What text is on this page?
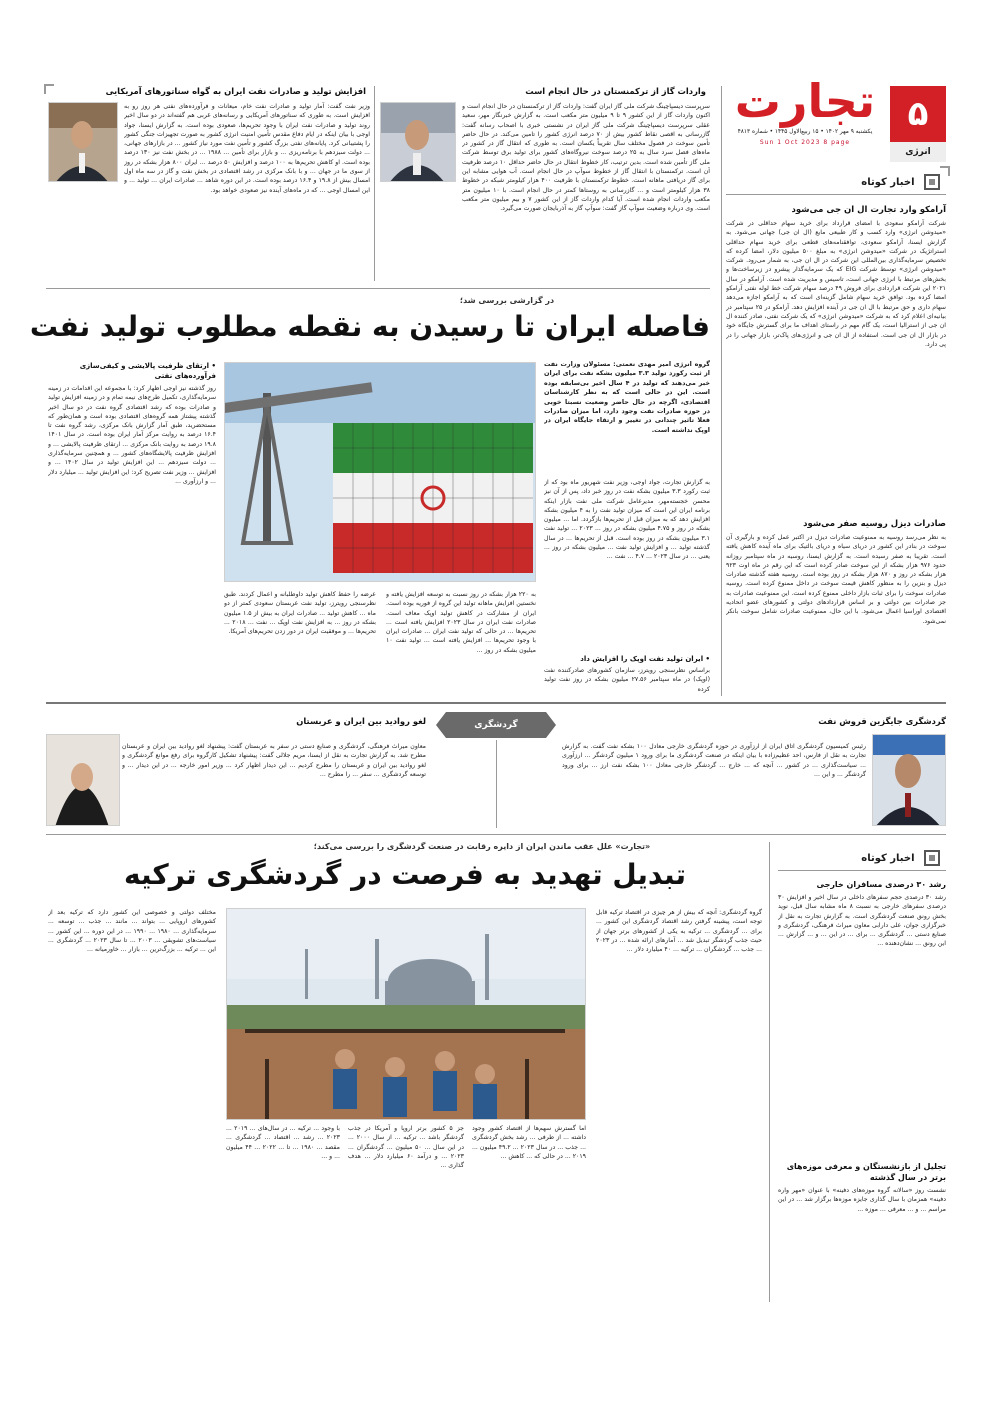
۵
انرژی
تجارت
یکشنبه ۹ مهر ۱۴۰۲ • ۱۵ ربیع‌الاول ۱۴۴۵ • شماره ۴۸۱۳
Sun 1 Oct 2023 8 page
اخبار کوتاه
آرامکو وارد تجارت ال ان جی می‌شود
شرکت آرامکو سعودی با امضای قرارداد برای خرید سهام حداقلی در شرکت «میدوشن انرژی» وارد کسب و کار طبیعی مایع (ال ان جی) جهانی می‌شود. به گزارش ایسنا، آرامکو سعودی، توافقنامه‌های قطعی برای خرید سهام حداقلی استراتژیک در شرکت «میدوشن انرژی» به مبلغ ۵۰۰ میلیون دلار، امضا کرده که تخصیص سرمایه‌گذاری بین‌المللی این شرکت در ال ان جی، به شمار می‌رود. شرکت «میدوشن انرژی» توسط شرکت EIG که یک سرمایه‌گذار پیشرو در زیرساخت‌ها و بخش‌های مرتبط با انرژی جهانی است، تاسیس و مدیریت شده است. آرامکو در سال ۲۰۲۱ این شرکت قراردادی برای فروش ۴۹ درصد سهام شرکت خط لوله نفتی آرامکو امضا کرده بود. توافق خرید سهام شامل گزینه‌ای است که به آرامکو اجازه می‌دهد سهام داری و حق مرتبط با ال ان جی در آینده افزایش دهد. آرامکو در ۲۵ سپتامبر در بیانیه‌ای اعلام کرد که به شرکت «میدوشن انرژی» که یک شرکت نفتی، صادر کننده ال ان جی از استرالیا است، یک گام مهم در راستای اهداف ما برای گسترش جایگاه خود در بازار ال ان جی است. استفاده از ال ان جی و انرژی‌های پاک‌تر، بازار جهانی را در پی دارد.
صادرات دیزل روسیه صفر می‌شود
به نظر می‌رسد روسیه به ممنوعیت صادرات دیزل در اکتبر عمل کرده و بارگیری آن سوخت در بنادر این کشور در دریای سیاه و دریای بالتیک برای ماه آینده کاهش یافته است. تقریبا به صفر رسیده است. به گزارش ایسنا، روسیه در ماه سپتامبر روزانه حدود ۹۷۶ هزار بشکه از این سوخت صادر کرده است که این رقم در ماه اوت ۹۲۳ هزار بشکه در روز و ۸۷۰ هزار بشکه در روز بوده است. روسیه هفته گذشته صادرات دیزل و بنزین را به منظور کاهش قیمت سوخت در داخل ممنوع کرده است. روسیه صادرات سوخت را برای ثبات بازار داخلی ممنوع کرده است. این ممنوعیت صادرات به جز صادرات بین دولتی و بر اساس قراردادهای دولتی و کشورهای عضو اتحادیه اقتصادی اوراسیا اعمال می‌شود. با این حال، ممنوعیت صادرات شامل سوخت بانکر نمی‌شود.
واردات گاز از ترکمنستان در حال انجام است
سرپرست دیسپاچینگ شرکت ملی گاز ایران گفت: واردات گاز از ترکمنستان در حال انجام است و اکنون واردات گاز از این کشور ۹ تا ۹ میلیون متر مکعب است. به گزارش خبرنگار مهر، سعید عقلی سرپرست دیسپاچینگ شرکت ملی گاز ایران در نشستی خبری با اصحاب رسانه گفت: گازرسانی به اقصی نقاط کشور بیش از ۷۰ درصد انرژی کشور را تامین می‌کند. در حال حاضر تأمین سوخت در فصول مختلف سال تقریباً یکسان است. به طوری که انتقال گاز در کشور در ماه‌های فصل سرد سال به ۲۵ درصد سوخت نیروگاه‌های کشور برای تولید برق توسط شرکت ملی گاز تأمین شده است. بدین ترتیب، کار خطوط انتقال در حال حاضر حداقل ۱۰ درصد ظرفیت آن است. ترکمنستان با انتقال گاز از خطوط سوآپ در حال انجام است. آب هوایی مشابه این برای گاز دریافتی ماهانه است. خطوط ترکمنستان با ظرفیت ۴۰۰ هزار کیلومتر شبکه در خطوط ۳۸ هزار کیلومتر است و ... گازرسانی به روستاها کمتر در حال انجام است. با ۱۰ میلیون متر مکعب واردات انجام شده است. آیا کدام واردات گاز از این کشور ۷ و بیم میلیون متر مکعب است. وی درباره وضعیت سوآپ گاز گفت: سوآپ گاز به آذربایجان صورت می‌گیرد.
افزایش تولید و صادرات نفت ایران به گواه سناتورهای آمریکایی
وزیر نفت گفت: آمار تولید و صادرات نفت خام، میعانات و فرآورده‌های نفتی هر روز رو به افزایش است. به طوری که سناتورهای آمریکایی و رسانه‌های غربی هم گفته‌اند در دو سال اخیر روند تولید و صادرات نفت ایران با وجود تحریم‌ها، صعودی بوده است. به گزارش ایسنا، جواد اوجی با بیان اینکه در ایام دفاع مقدس تأمین امنیت انرژی کشور به صورت تجهیزات جنگی کشور را پشتیبانی کرد. پایانه‌های نفتی بزرگ کشور و تأمین نفت مورد نیاز کشور ... در بازارهای جهانی، ... دولت سیزدهم با برنامه‌ریزی ... و بازار برای تأمین ... ۱۹۸۸ ... در بخش نفت نیز ۱۳۰ درصد بوده است. او کاهش تحریم‌ها به ۱۰۰ درصد و افزایش ۵۰ درصد ... ایران ۸۰۰ هزار بشکه در روز از سوی ما در جهان ... و با بانک مرکزی در رشد اقتصادی در بخش نفت و گاز در سه ماه اول امسال بیش از ۱۹.۸ و ۱۶.۴ درصد بوده است. در این دوره شاهد ... صادرات ایران ... تولید ... و این امسال اوجی ... که در ماه‌های آینده نیز صعودی خواهد بود.
در گزارشی بررسی شد؛
فاصله ایران تا رسیدن به نقطه مطلوب تولید نفت
گروه انرژی امیر مهدی نعمتی: مسئولان وزارت نفت از ثبت رکورد تولید ۳.۳ میلیون بشکه نفت برای ایران خبر می‌دهند که تولید در ۴ سال اخیر بی‌سابقه بوده است. این در حالی است که به نظر کارشناسان اقتصادی، اگرچه در حال حاضر وضعیت نسبتا خوبی در حوزه صادرات نفت وجود دارد، اما میزان صادرات فعلا تاثیر چندانی در تغییر و ارتقاء جایگاه ایران در اوپک نداشته است.
به گزارش تجارت، جواد اوجی، وزیر نفت شهریور ماه بود که از ثبت رکورد ۳.۳ میلیون بشکه نفت در روز خبر داد، پس از آن نیز محسن خجسته‌مهر، مدیرعامل شرکت ملی نفت بازار اینکه برنامه ایران این است که میزان تولید نفت را به ۴ میلیون بشکه افزایش دهد که به میزان قبل از تحریم‌ها بازگردد. اما ... میلیون بشکه در روز و ۴.۷۵ میلیون بشکه در روز ... ۲۰۲۳ ... تولید نفت ۳.۱ میلیون بشکه در روز بوده است. قبل از تحریم‌ها ... در سال گذشته تولید ... و افزایش تولید نفت ... میلیون بشکه در روز ... یعنی ... در سال ۲۰۲۳ ... ۴.۷ ... نفت ...
• ایران تولید نفت اوپک را افزایش داد
براساس نظرسنجی رویترز، سازمان کشورهای صادرکننده نفت (اوپک) در ماه سپتامبر ۲۷.۵۶ میلیون بشکه در روز نفت تولید کرده
به ۲۲۰ هزار بشکه در روز نسبت به توسعه افزایش یافته و نخستین افزایش ماهانه تولید این گروه از فوریه بوده است. ایران از مشارکت در کاهش تولید اوپک معاف است. صادرات نفت ایران در سال ۲۰۲۳ افزایش یافته است ... تحریم‌ها ... در حالی که تولید نفت ایران ... صادرات ایران با وجود تحریم‌ها ... افزایش یافته است ... تولید نفت ۱۰ میلیون بشکه در روز ...
عرضه را حفظ کاهش تولید داوطلبانه و اعمال کردند. طبق نظرسنجی رویترز، تولید نفت عربستان سعودی کمتر از دو ماه ... کاهش تولید ... صادرات ایران به بیش از ۱.۵ میلیون بشکه در روز ... به افزایش نفت اوپک ... نفت ... ۲۰۱۸ ... تحریم‌ها ... و موفقیت ایران در دور زدن تحریم‌های آمریکا.
• ارتقای ظرفیت پالایشی و کیفی‌سازی فرآورده‌های نفتی
روز گذشته نیز اوجی اظهار کرد: با مجموعه این اقدامات در زمینه سرمایه‌گذاری، تکمیل طرح‌های نیمه تمام و در زمینه افزایش تولید و صادرات بوده که رشد اقتصادی گروه نفت در دو سال اخیر گذشته پیشتاز همه گروه‌های اقتصادی بوده است و همان‌طور که مستحضرید، طبق آمار گزارش بانک مرکزی، رشد گروه نفت تا ۱۶.۴ درصد به روایت مرکز آمار ایران بوده است. در سال ۱۴۰۱ ۱۹.۸ درصد به روایت بانک مرکزی ... ارتقای ظرفیت پالایشی ... و افزایش ظرفیت پالایشگاه‌های کشور ... و همچنین سرمایه‌گذاری ... دولت سیزدهم ... این افزایش تولید در سال ۱۴۰۲ ... و افزایش ... وزیر نفت تصریح کرد: این افزایش تولید ... میلیارد دلار ... و ارزآوری ...
گردشگری	گردشگری جایگزین فروش نفت
رئیس کمیسیون گردشگری اتاق ایران از ارزآوری در حوزه گردشگری خارجی معادل ۱۰۰ بشکه نفت گفت. به گزارش تجارت به نقل از فارس، احد عظیم‌زاده با بیان اینکه در صنعت گردشگری ما برای ورود ۱ میلیون گردشگر ... ارزآوری ... سیاست‌گذاری ... در کشور ... آنچه که ... خارج ... گردشگر خارجی معادل ۱۰۰ بشکه نفت ارز ... برای ورود گردشگر ... و این ...
لغو روادید بین ایران و عربستان
معاون میراث فرهنگی، گردشگری و صنایع دستی در سفر به عربستان گفت: پیشنهاد لغو روادید بین ایران و عربستان مطرح شد. به گزارش تجارت به نقل از ایسنا، مریم جلالی گفت: پیشنهاد تشکیل کارگروه برای رفع موانع گردشگری و لغو روادید بین ایران و عربستان را مطرح کردیم ... این دیدار اظهار کرد ... وزیر امور خارجه ... در این دیدار ... و توسعه گردشگری ... سفر ... را مطرح ...
«تجارت» علل عقب ماندن ایران از دایره رقابت در صنعت گردشگری را بررسی می‌کند؛
تبدیل تهدید به فرصت در گردشگری ترکیه
گروه گردشگری: آنچه که بیش از هر چیزی در اقتصاد ترکیه قابل توجه است، پیشینه گرفتن رشد اقتصاد گردشگری این کشور ... برای ... گردشگری ... ترکیه به یکی از کشورهای برتر جهان از حیث جذب گردشگر تبدیل شد ... آمارهای ارائه شده ... در ۲۰۲۳ ... جذب ... گردشگران ... ترکیه ... ۴۰ میلیارد دلار ...
مختلف دولتی و خصوصی این کشور دارد که ترکیه بعد از کشورهای اروپایی ... بتواند ... مانند ... جذب ... توسعه ... سرمایه‌گذاری ... ۱۹۸۰ ... ۱۹۹۰ ... در این دوره ... این کشور ... سیاست‌های تشویقی ... ۲۰۰۳ ... تا سال ۲۰۲۳ ... گردشگری ... این ... ترکیه ... بزرگ‌ترین ... بازار ... خاورمیانه ...
اما گسترش سهم‌ها از اقتصاد کشور وجود داشته ... از طرفی ... رشد بخش گردشگری ... جذب ... در سال ۲۰۲۳ ... ۴۹.۲ میلیون ... ۲۰۱۹ ... در حالی که ... کاهش ...
جز ۵ کشور برتر اروپا و آمریکا در جذب گردشگر باشد ... ترکیه ... از سال ۲۰۰۰ ... در این سال ... ۵۰ میلیون ... گردشگران ... ۲۰۲۳ ... و درآمد ۶۰ میلیارد دلار ... هدف گذاری ...
با وجود ... ترکیه ... در سال‌های ... ۲۰۱۹ ... ۲۰۲۳ ... رشد ... اقتصاد ... گردشگری ... مقصد ... ۱۹۸۰ ... تا ... ۲۰۲۲ ... ۴۴ میلیون ... و ...
اخبار کوتاه
رشد ۳۰ درصدی مسافران خارجی
رشد ۳۰ درصدی حجم سفرهای داخلی در سال اخیر و افزایش ۳۰ درصدی سفرهای خارجی به نسبت ۸ ماه مشابه سال قبل، نوید بخش رونق صنعت گردشگری است. به گزارش تجارت به نقل از خبرگزاری جوان، علی دارابی معاون میراث فرهنگی، گردشگری و صنایع دستی ... گردشگری ... برای ... در این ... و ... گزارش ... این رونق ... نشان‌دهنده ...
تجلیل از بازنشستگان و معرفی موزه‌های برتر در سال گذشته
نشست روز «سالانه گروه موزه‌های دفینه» با عنوان «مهر واره دفینه» همزمان با سال گذاری جایزه موزه‌ها برگزار شد ... در این مراسم ... و ... معرفی ... موزه ...
